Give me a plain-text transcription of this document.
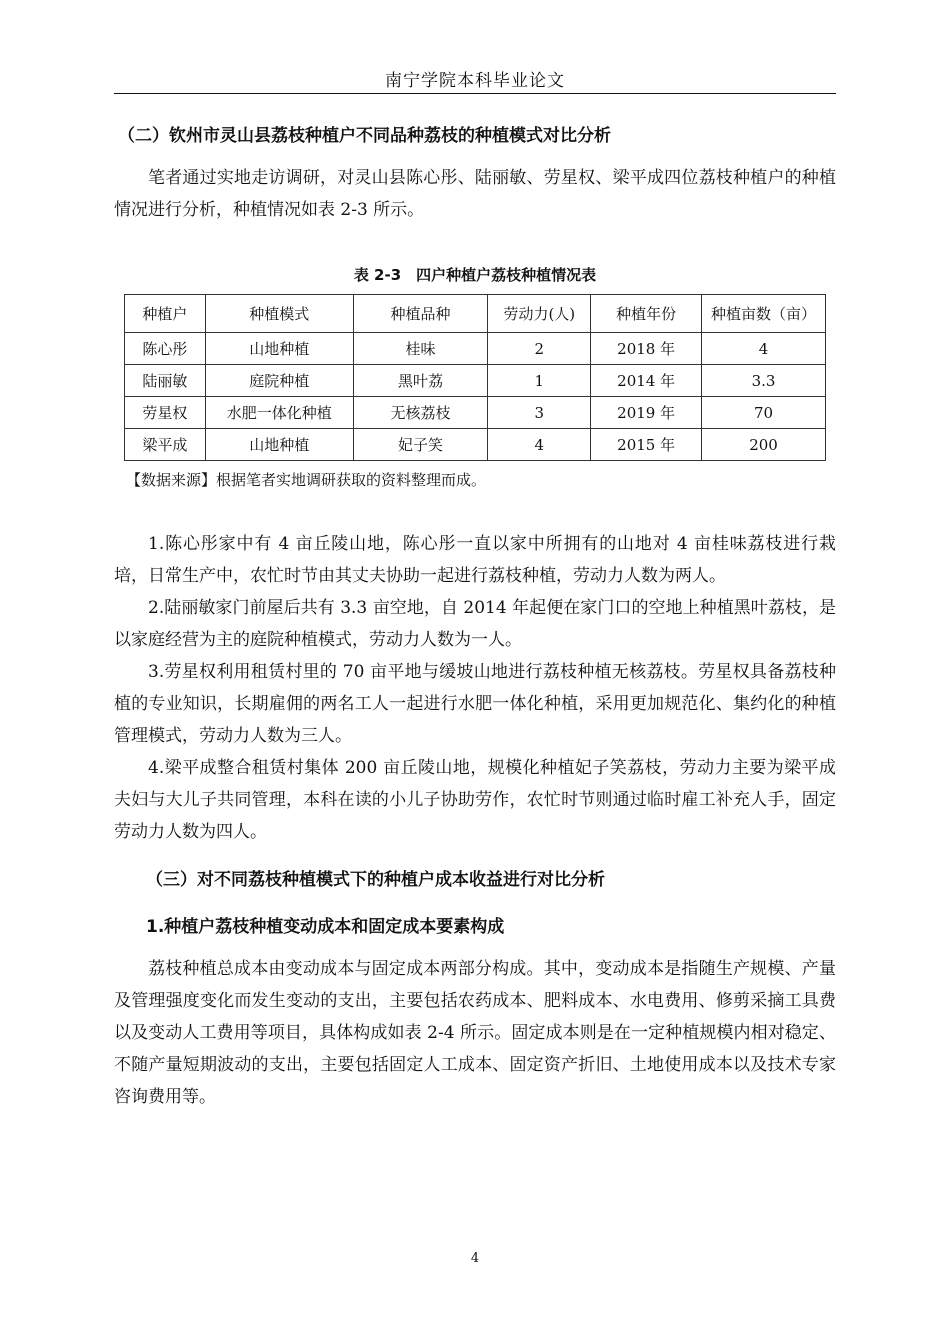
南宁学院本科毕业论文
（二）钦州市灵山县荔枝种植户不同品种荔枝的种植模式对比分析

笔者通过实地走访调研，对灵山县陈心彤、陆丽敏、劳星权、梁平成四位荔枝种植户的种植情况进行分析，种植情况如表 2-3 所示。

表 2-3　四户种植户荔枝种植情况表
种植户	种植模式	种植品种	劳动力(人)	种植年份	种植亩数（亩）
陈心彤	山地种植	桂味	2	2018 年	4
陆丽敏	庭院种植	黑叶荔	1	2014 年	3.3
劳星权	水肥一体化种植	无核荔枝	3	2019 年	70
梁平成	山地种植	妃子笑	4	2015 年	200
【数据来源】根据笔者实地调研获取的资料整理而成。

1.陈心彤家中有 4 亩丘陵山地，陈心彤一直以家中所拥有的山地对 4 亩桂味荔枝进行栽培，日常生产中，农忙时节由其丈夫协助一起进行荔枝种植，劳动力人数为两人。

2.陆丽敏家门前屋后共有 3.3 亩空地，自 2014 年起便在家门口的空地上种植黑叶荔枝，是以家庭经营为主的庭院种植模式，劳动力人数为一人。

3.劳星权利用租赁村里的 70 亩平地与缓坡山地进行荔枝种植无核荔枝。劳星权具备荔枝种植的专业知识，长期雇佣的两名工人一起进行水肥一体化种植，采用更加规范化、集约化的种植管理模式，劳动力人数为三人。

4.梁平成整合租赁村集体 200 亩丘陵山地，规模化种植妃子笑荔枝，劳动力主要为梁平成夫妇与大儿子共同管理，本科在读的小儿子协助劳作，农忙时节则通过临时雇工补充人手，固定劳动力人数为四人。

（三）对不同荔枝种植模式下的种植户成本收益进行对比分析
1.种植户荔枝种植变动成本和固定成本要素构成

荔枝种植总成本由变动成本与固定成本两部分构成。其中，变动成本是指随生产规模、产量及管理强度变化而发生变动的支出，主要包括农药成本、肥料成本、水电费用、修剪采摘工具费以及变动人工费用等项目，具体构成如表 2-4 所示。固定成本则是在一定种植规模内相对稳定、不随产量短期波动的支出，主要包括固定人工成本、固定资产折旧、土地使用成本以及技术专家咨询费用等。

4
